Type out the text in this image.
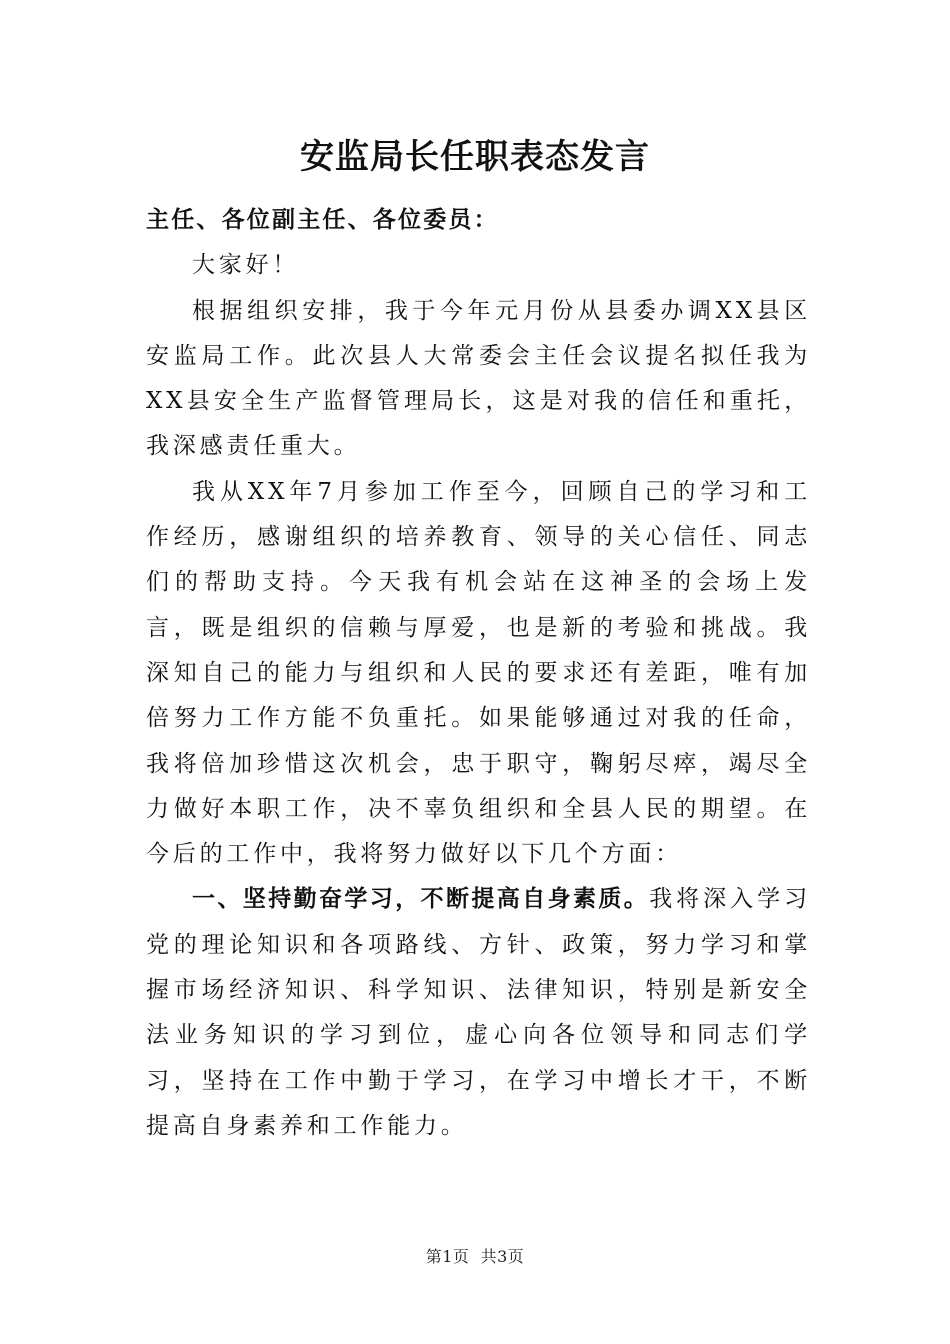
安监局长任职表态发言

主任、各位副主任、各位委员：

大家好！

根据组织安排，我于今年元月份从县委办调XX县区安监局工作。此次县人大常委会主任会议提名拟任我为XX县安全生产监督管理局长，这是对我的信任和重托，我深感责任重大。

我从XX年7月参加工作至今，回顾自己的学习和工作经历，感谢组织的培养教育、领导的关心信任、同志们的帮助支持。今天我有机会站在这神圣的会场上发言，既是组织的信赖与厚爱，也是新的考验和挑战。我深知自己的能力与组织和人民的要求还有差距，唯有加倍努力工作方能不负重托。如果能够通过对我的任命，我将倍加珍惜这次机会，忠于职守，鞠躬尽瘁，竭尽全力做好本职工作，决不辜负组织和全县人民的期望。在今后的工作中，我将努力做好以下几个方面：

一、坚持勤奋学习，不断提高自身素质。我将深入学习党的理论知识和各项路线、方针、政策，努力学习和掌握市场经济知识、科学知识、法律知识，特别是新安全法业务知识的学习到位，虚心向各位领导和同志们学习，坚持在工作中勤于学习，在学习中增长才干，不断提高自身素养和工作能力。

第1页  共3页
